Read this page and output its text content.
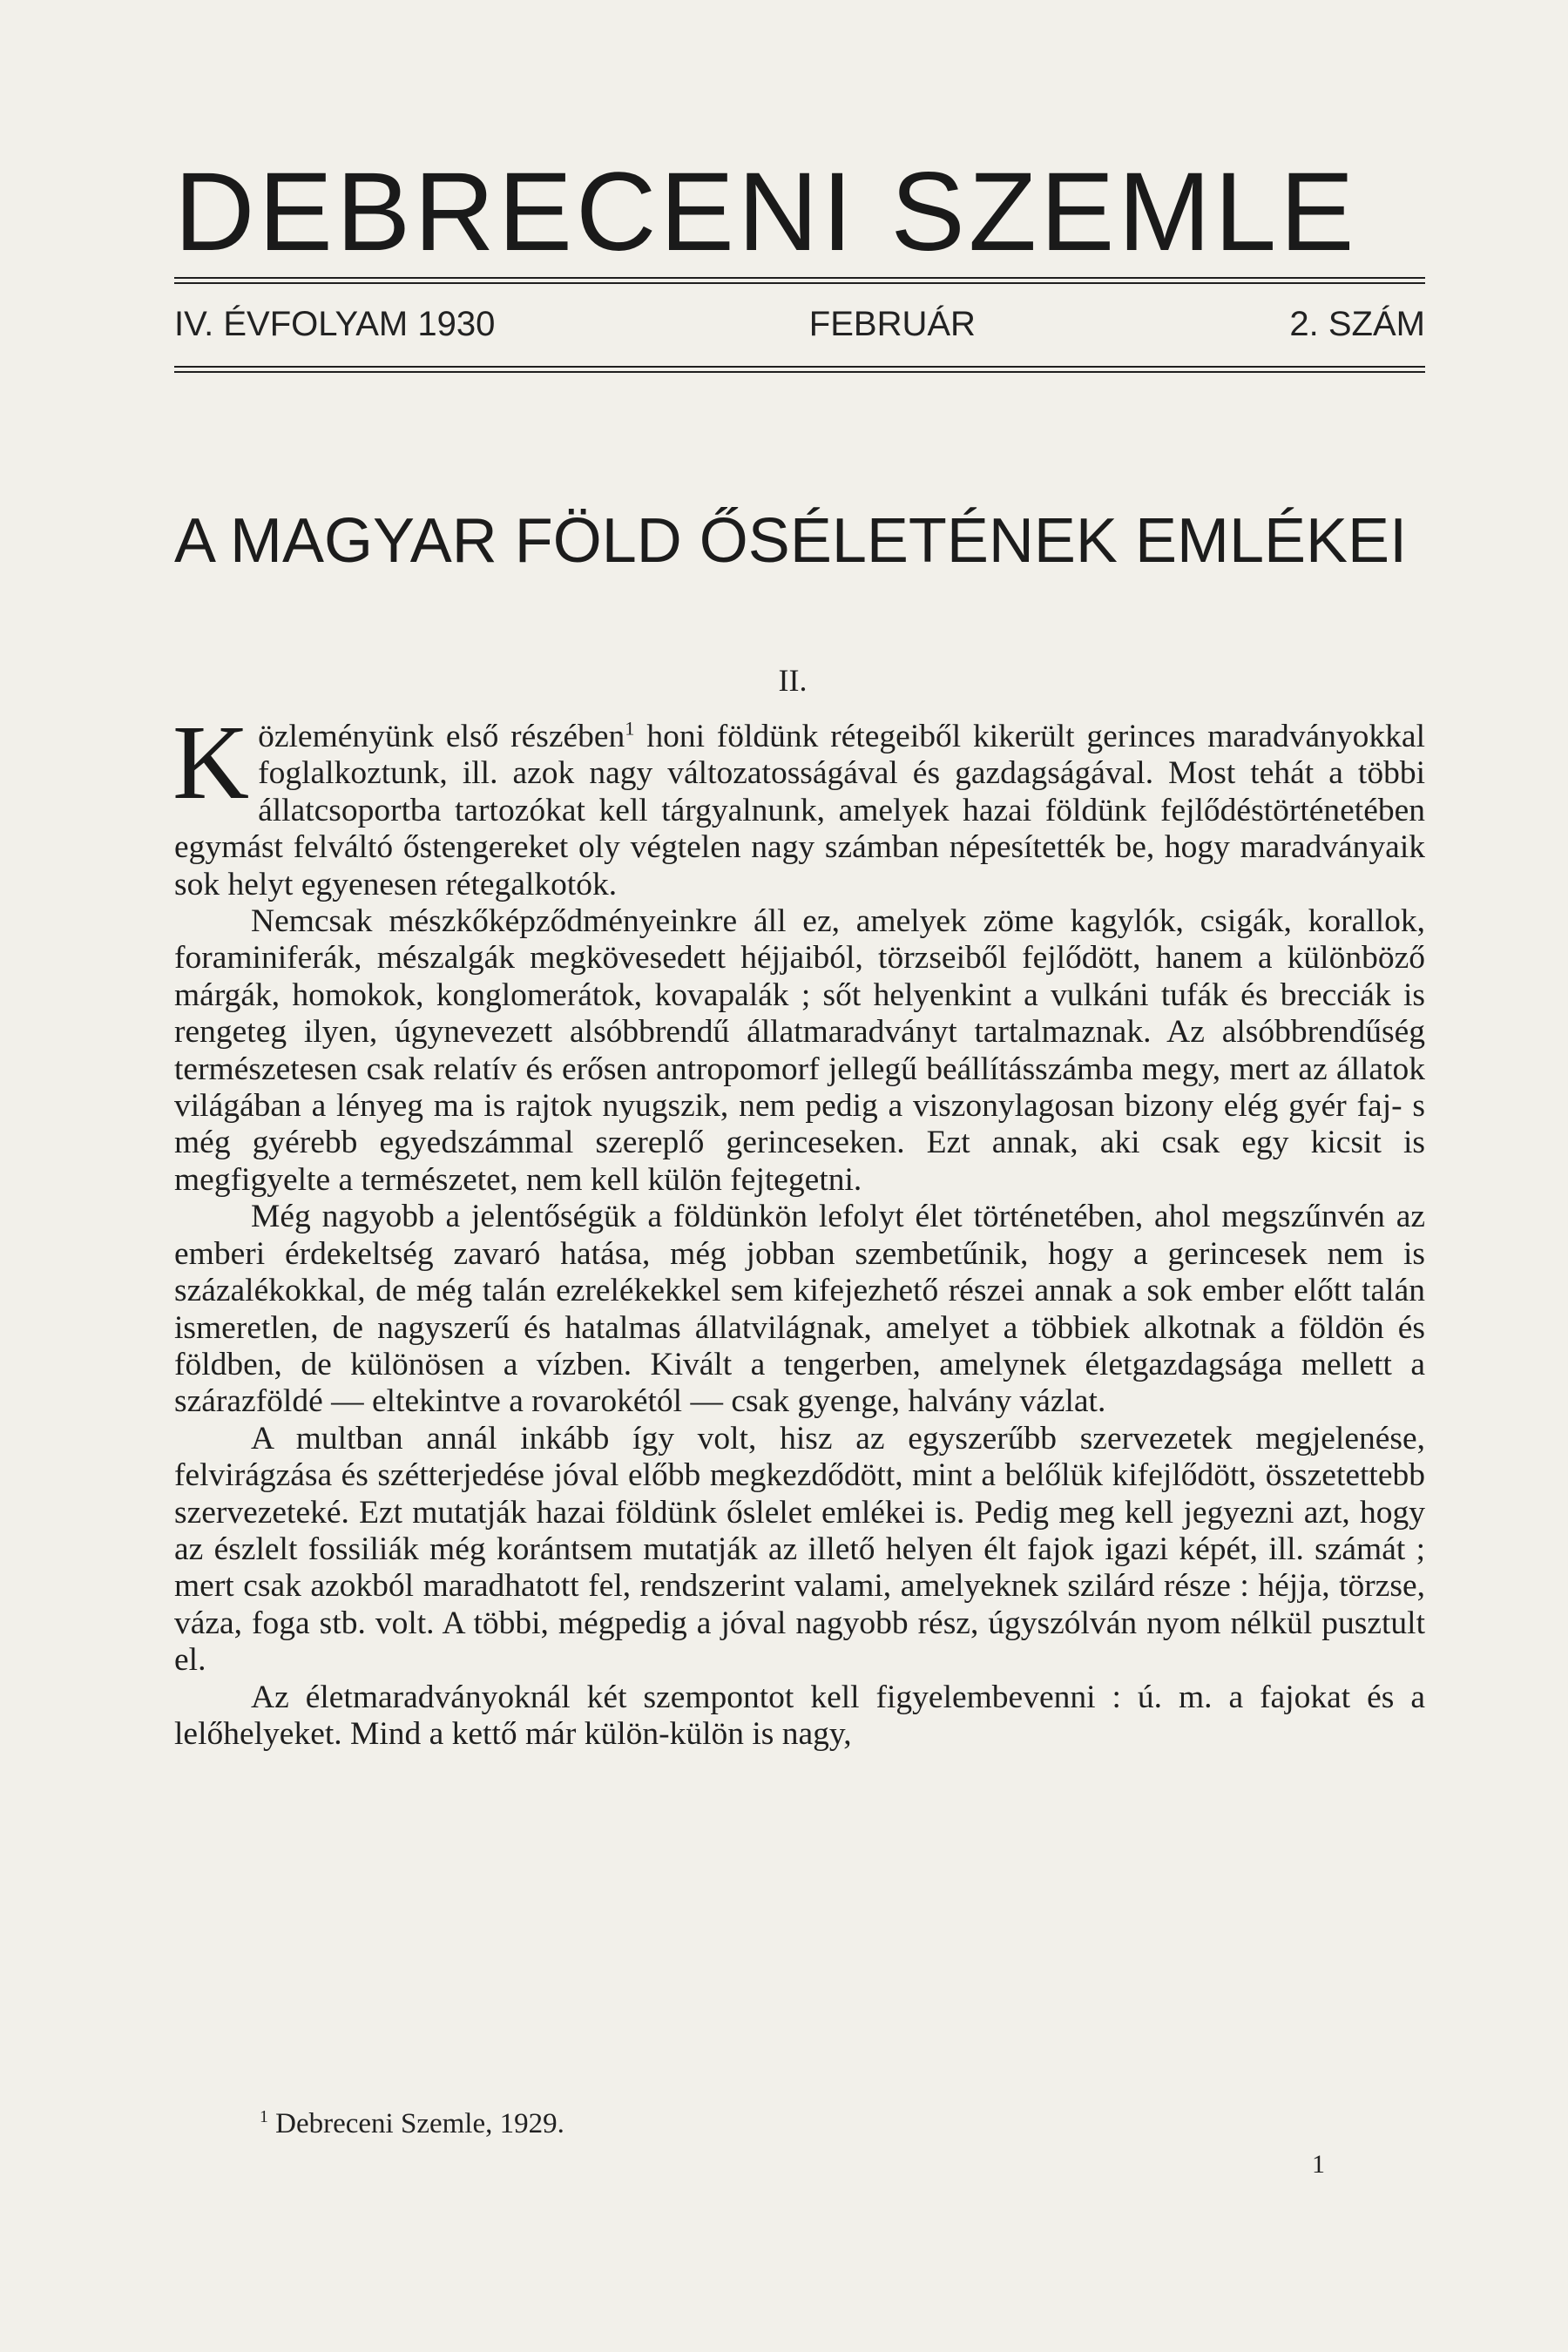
DEBRECENI SZEMLE
IV. ÉVFOLYAM 1930	FEBRUÁR	2. SZÁM
A MAGYAR FÖLD ŐSÉLETÉNEK EMLÉKEI
II.

Közleményünk első részében$^1$ honi földünk rétegeiből kikerült gerinces maradványokkal foglalkoztunk, ill. azok nagy változatosságával és gazdagságával. Most tehát a többi állatcsoportba tartozókat kell tárgyalnunk, amelyek hazai földünk fejlődéstörténetében egymást felváltó őstengereket oly végtelen nagy számban népesítették be, hogy maradványaik sok helyt egyenesen rétegalkotók.

Nemcsak mészkőképződményeinkre áll ez, amelyek zöme kagylók, csigák, korallok, foraminiferák, mészalgák megkövesedett héjjaiból, törzseiből fejlődött, hanem a különböző márgák, homokok, konglomerátok, kovapalák ; sőt helyenkint a vulkáni tufák és brecciák is rengeteg ilyen, úgynevezett alsóbbrendű állatmaradványt tartalmaznak. Az alsóbbrendűség természetesen csak relatív és erősen antropomorf jellegű beállításszámba megy, mert az állatok világában a lényeg ma is rajtok nyugszik, nem pedig a viszonylagosan bizony elég gyér faj- s még gyérebb egyedszámmal szereplő gerinceseken. Ezt annak, aki csak egy kicsit is megfigyelte a természetet, nem kell külön fejtegetni.

Még nagyobb a jelentőségük a földünkön lefolyt élet történetében, ahol megszűnvén az emberi érdekeltség zavaró hatása, még jobban szembetűnik, hogy a gerincesek nem is százalékokkal, de még talán ezrelékekkel sem kifejezhető részei annak a sok ember előtt talán ismeretlen, de nagyszerű és hatalmas állatvilágnak, amelyet a többiek alkotnak a földön és földben, de különösen a vízben. Kivált a tengerben, amelynek életgazdagsága mellett a szárazföldé — eltekintve a rovarokétól — csak gyenge, halvány vázlat.

A multban annál inkább így volt, hisz az egyszerűbb szervezetek megjelenése, felvirágzása és szétterjedése jóval előbb megkezdődött, mint a belőlük kifejlődött, összetettebb szervezeteké. Ezt mutatják hazai földünk őslelet emlékei is. Pedig meg kell jegyezni azt, hogy az észlelt fossiliák még korántsem mutatják az illető helyen élt fajok igazi képét, ill. számát ; mert csak azokból maradhatott fel, rendszerint valami, amelyeknek szilárd része : héjja, törzse, váza, foga stb. volt. A többi, mégpedig a jóval nagyobb rész, úgyszólván nyom nélkül pusztult el.

Az életmaradványoknál két szempontot kell figyelembevenni : ú. m. a fajokat és a lelőhelyeket. Mind a kettő már külön-külön is nagy,

$^1$ Debreceni Szemle, 1929.
1
